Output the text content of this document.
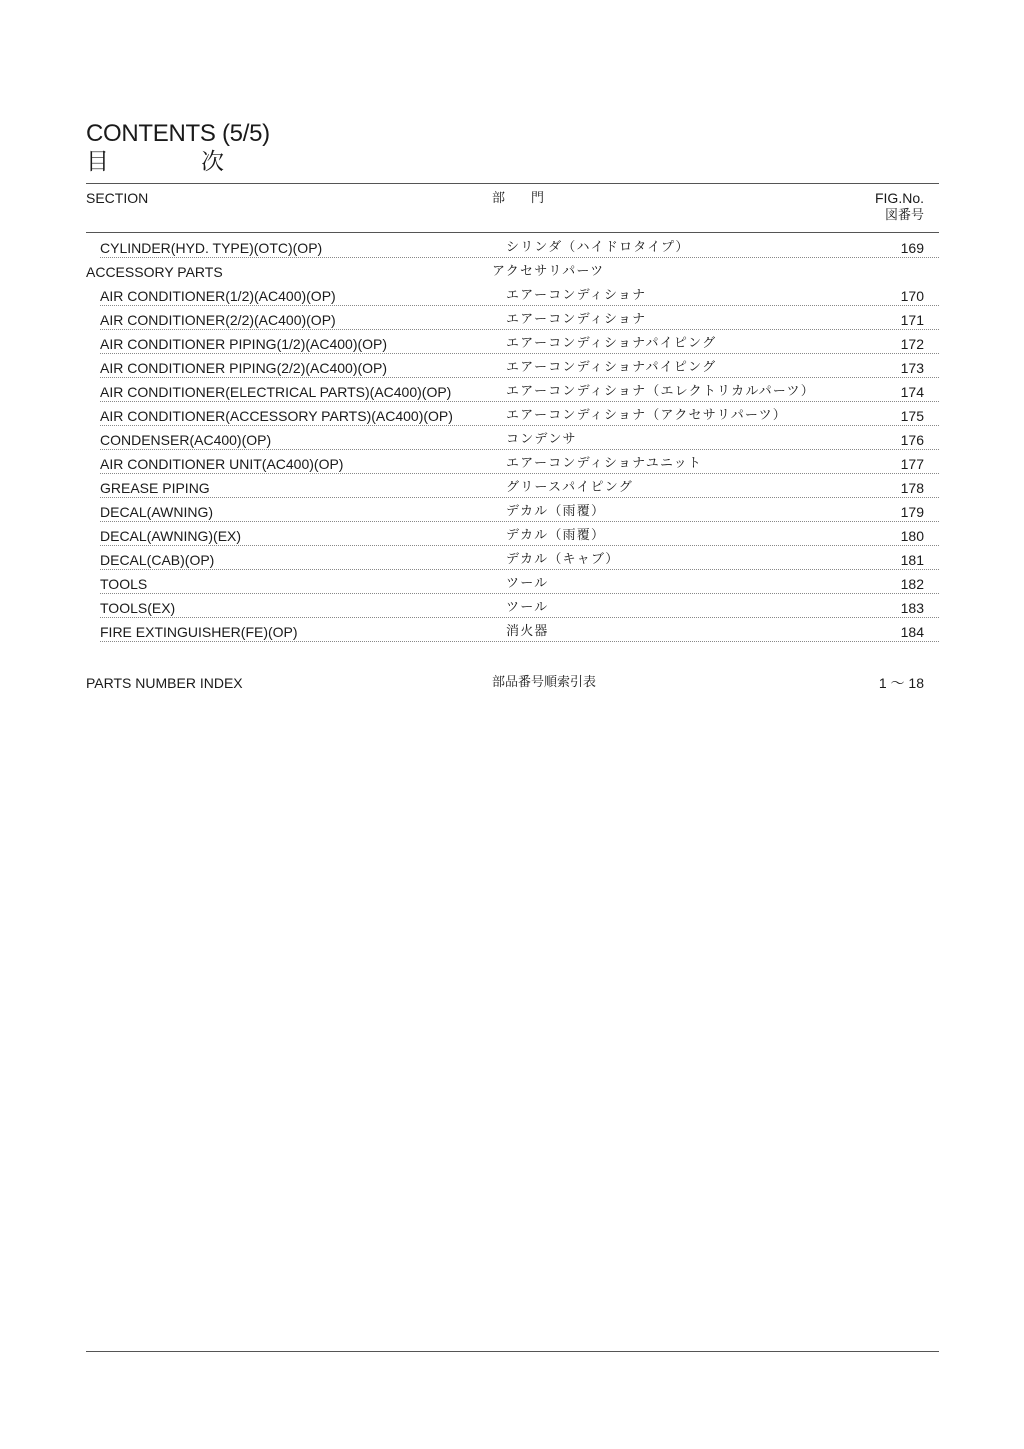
CONTENTS (5/5)
目	次
SECTION	部 門	FIG.No.
図番号
CYLINDER(HYD. TYPE)(OTC)(OP)	シリンダ（ハイドロタイプ）	169
ACCESSORY PARTS	アクセサリパーツ
AIR CONDITIONER(1/2)(AC400)(OP)	エアーコンディショナ	170
AIR CONDITIONER(2/2)(AC400)(OP)	エアーコンディショナ	171
AIR CONDITIONER PIPING(1/2)(AC400)(OP)	エアーコンディショナパイピング	172
AIR CONDITIONER PIPING(2/2)(AC400)(OP)	エアーコンディショナパイピング	173
AIR CONDITIONER(ELECTRICAL PARTS)(AC400)(OP)	エアーコンディショナ（エレクトリカルパーツ）	174
AIR CONDITIONER(ACCESSORY PARTS)(AC400)(OP)	エアーコンディショナ（アクセサリパーツ）	175
CONDENSER(AC400)(OP)	コンデンサ	176
AIR CONDITIONER UNIT(AC400)(OP)	エアーコンディショナユニット	177
GREASE PIPING	グリースパイピング	178
DECAL(AWNING)	デカル（雨覆）	179
DECAL(AWNING)(EX)	デカル（雨覆）	180
DECAL(CAB)(OP)	デカル（キャブ）	181
TOOLS	ツール	182
TOOLS(EX)	ツール	183
FIRE EXTINGUISHER(FE)(OP)	消火器	184
PARTS NUMBER INDEX	部品番号順索引表	1 〜 18
